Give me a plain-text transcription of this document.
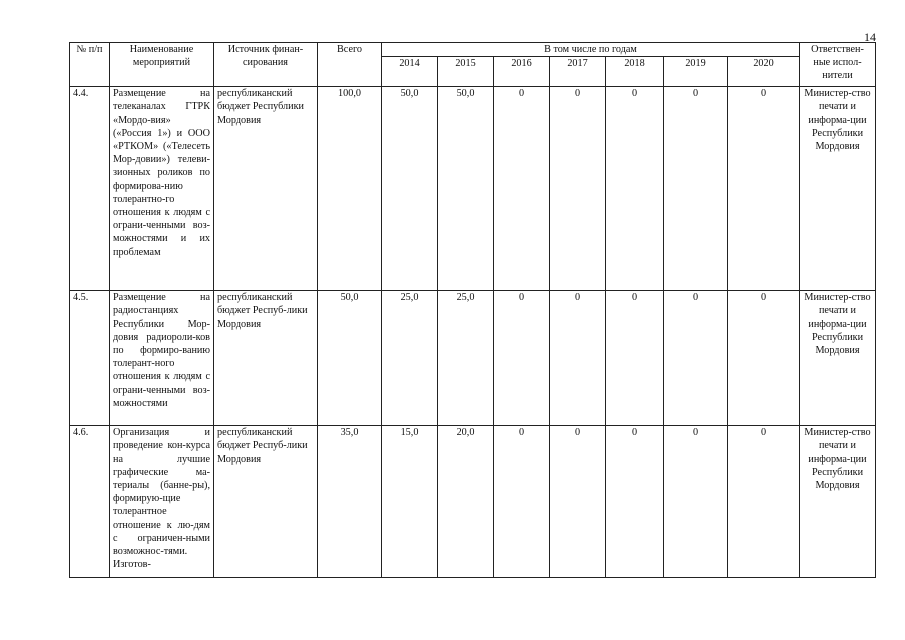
14
№ п/п	Наименование мероприятий	Источник финан-сирования	Всего	В том числе по годам							Ответствен-ные испол-нители
				2014	2015	2016	2017	2018	2019	2020	
4.4.	Размещение на телеканалах ГТРК «Мордо-вия» («Россия 1») и ООО «РТКОМ» («Телесеть Мор-довии») телеви-зионных роликов по формирова-нию толерантно-го отношения к людям с ограни-ченными воз-можностями и их проблемам	республиканский бюджет Республики Мордовия	100,0	50,0	50,0	0	0	0	0	0	Министер-ство печати и информа-ции Республики Мордовия
4.5.	Размещение на радиостанциях Республики Мор-довия радиороли-ков по формиро-ванию толерант-ного отношения к людям с ограни-ченными воз-можностями	республиканский бюджет Респуб-лики Мордовия	50,0	25,0	25,0	0	0	0	0	0	Министер-ство печати и информа-ции Республики Мордовия
4.6.	Организация и проведение кон-курса на лучшие графические ма-териалы (банне-ры), формирую-щие толерантное отношение к лю-дям с ограничен-ными возможнос-тями. Изготов-	республиканский бюджет Респуб-лики Мордовия	35,0	15,0	20,0	0	0	0	0	0	Министер-ство печати и информа-ции Республики Мордовия
